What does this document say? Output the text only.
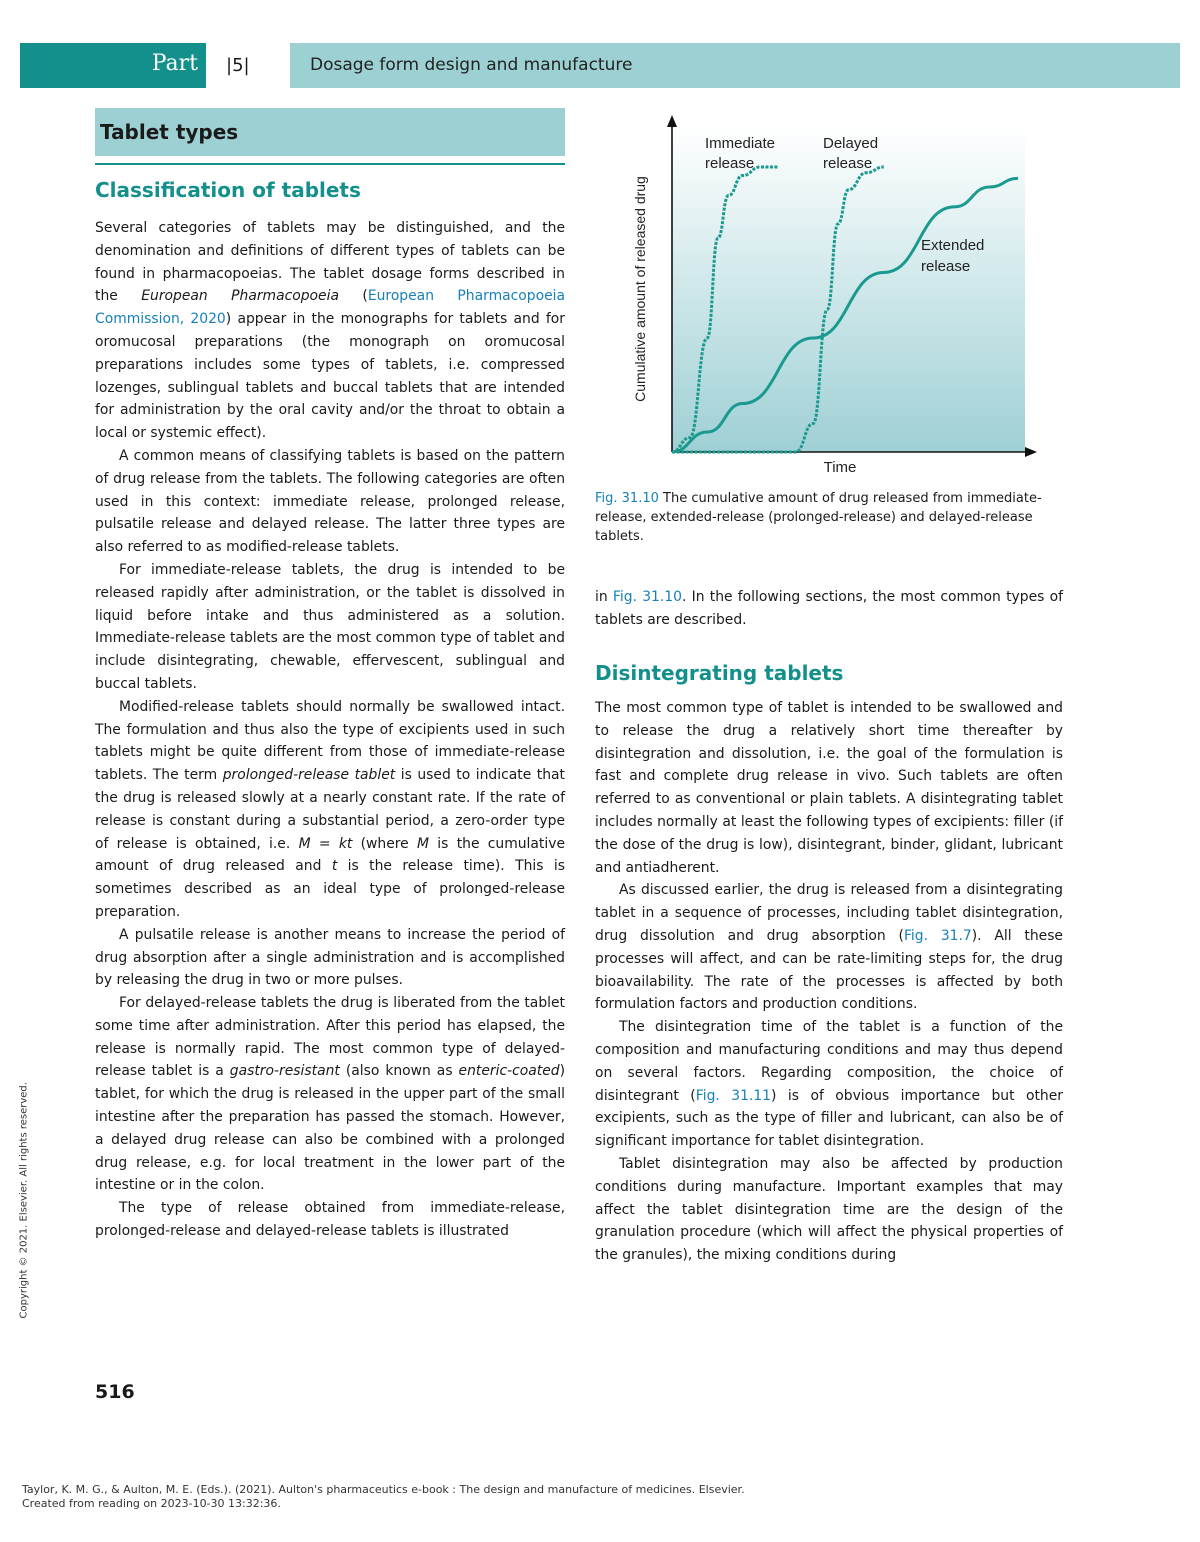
Part	|5|	Dosage form design and manufacture
Tablet types
Classification of tablets

Several categories of tablets may be distinguished, and the denomination and definitions of different types of tablets can be found in pharmacopoeias. The tablet dosage forms described in the European Pharmacopoeia (European Pharmacopoeia Commission, 2020) appear in the monographs for tablets and for oromucosal preparations (the monograph on oromucosal preparations includes some types of tablets, i.e. compressed lozenges, sublingual tablets and buccal tablets that are intended for administration by the oral cavity and/or the throat to obtain a local or systemic effect).

A common means of classifying tablets is based on the pattern of drug release from the tablets. The following categories are often used in this context: immediate release, prolonged release, pulsatile release and delayed release. The latter three types are also referred to as modified-release tablets.

For immediate-release tablets, the drug is intended to be released rapidly after administration, or the tablet is dissolved in liquid before intake and thus administered as a solution. Immediate-release tablets are the most common type of tablet and include disintegrating, chewable, effervescent, sublingual and buccal tablets.

Modified-release tablets should normally be swallowed intact. The formulation and thus also the type of excipients used in such tablets might be quite different from those of immediate-release tablets. The term prolonged-release tablet is used to indicate that the drug is released slowly at a nearly constant rate. If the rate of release is constant during a substantial period, a zero-order type of release is obtained, i.e. M = kt (where M is the cumulative amount of drug released and t is the release time). This is sometimes described as an ideal type of prolonged-release preparation.

A pulsatile release is another means to increase the period of drug absorption after a single administration and is accomplished by releasing the drug in two or more pulses.

For delayed-release tablets the drug is liberated from the tablet some time after administration. After this period has elapsed, the release is normally rapid. The most common type of delayed-release tablet is a gastro-resistant (also known as enteric-coated) tablet, for which the drug is released in the upper part of the small intestine after the preparation has passed the stomach. However, a delayed drug release can also be combined with a prolonged drug release, e.g. for local treatment in the lower part of the intestine or in the colon.

The type of release obtained from immediate-release, prolonged-release and delayed-release tablets is illustrated

Cumulative amount of released drug
Time
Immediate
release
Delayed
release
Extended
release
Fig. 31.10 The cumulative amount of drug released from immediate-release, extended-release (prolonged-release) and delayed-release tablets.

in Fig. 31.10. In the following sections, the most common types of tablets are described.

Disintegrating tablets

The most common type of tablet is intended to be swallowed and to release the drug a relatively short time thereafter by disintegration and dissolution, i.e. the goal of the formulation is fast and complete drug release in vivo. Such tablets are often referred to as conventional or plain tablets. A disintegrating tablet includes normally at least the following types of excipients: filler (if the dose of the drug is low), disintegrant, binder, glidant, lubricant and antiadherent.

As discussed earlier, the drug is released from a disintegrating tablet in a sequence of processes, including tablet disintegration, drug dissolution and drug absorption (Fig. 31.7). All these processes will affect, and can be rate-limiting steps for, the drug bioavailability. The rate of the processes is affected by both formulation factors and production conditions.

The disintegration time of the tablet is a function of the composition and manufacturing conditions and may thus depend on several factors. Regarding composition, the choice of disintegrant (Fig. 31.11) is of obvious importance but other excipients, such as the type of filler and lubricant, can also be of significant importance for tablet disintegration.

Tablet disintegration may also be affected by production conditions during manufacture. Important examples that may affect the tablet disintegration time are the design of the granulation procedure (which will affect the physical properties of the granules), the mixing conditions during

516
Copyright © 2021. Elsevier. All rights reserved.
Taylor, K. M. G., & Aulton, M. E. (Eds.). (2021). Aulton's pharmaceutics e-book : The design and manufacture of medicines. Elsevier.
Created from reading on 2023-10-30 13:32:36.
